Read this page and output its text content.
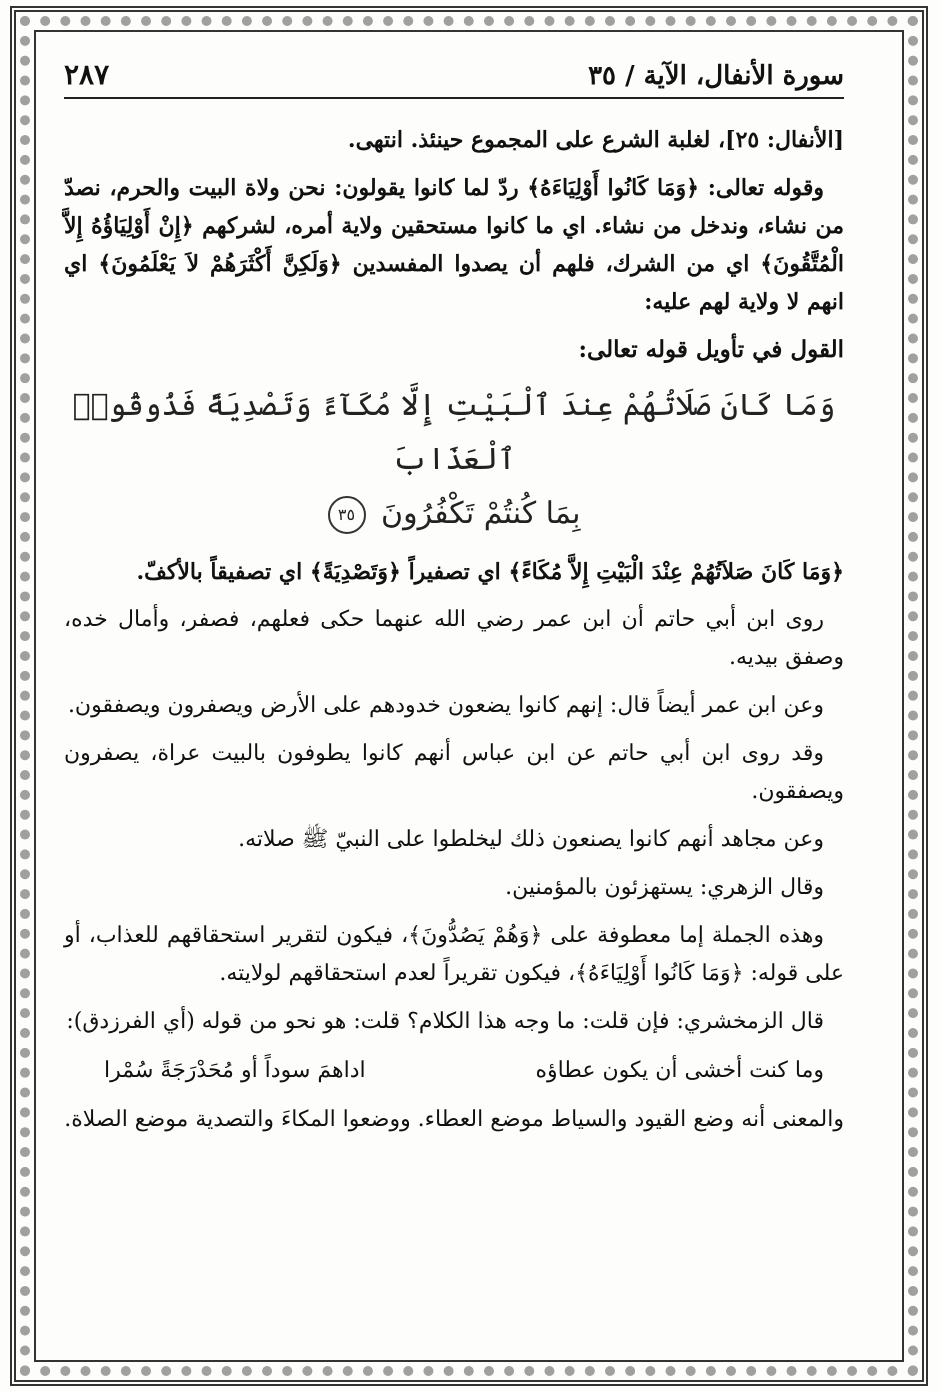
سورة الأنفال، الآية / ٣٥
٢٨٧

[الأنفال: ٢٥]، لغلبة الشرع على المجموع حينئذ. انتهى.

وقوله تعالى: ﴿وَمَا كَانُوا أَوْلِيَاءَهُ﴾ ردّ لما كانوا يقولون: نحن ولاة البيت والحرم، نصدّ من نشاء، وندخل من نشاء. اي ما كانوا مستحقين ولاية أمره، لشركهم ﴿إِنْ أَوْلِيَاؤُهُ إِلاَّ الْمُتَّقُونَ﴾ اي من الشرك، فلهم أن يصدوا المفسدين ﴿وَلَكِنَّ أَكْثَرَهُمْ لاَ يَعْلَمُونَ﴾ اي انهم لا ولاية لهم عليه:

القول في تأويل قوله تعالى:

وَمَا كَانَ صَلَاتُهُمْ عِندَ ٱلْبَيْتِ إِلَّا مُكَآءً وَتَصْدِيَةً فَذُوقُوا۟ ٱلْعَذَابَ
بِمَا كُنتُمْ تَكْفُرُونَ ٣٥

﴿وَمَا كَانَ صَلاَتُهُمْ عِنْدَ الْبَيْتِ إِلاَّ مُكَاءً﴾ اي تصفيراً ﴿وَتَصْدِيَةً﴾ اي تصفيقاً بالأكفّ.

روى ابن أبي حاتم أن ابن عمر رضي الله عنهما حكى فعلهم، فصفر، وأمال خده، وصفق بيديه.

وعن ابن عمر أيضاً قال: إنهم كانوا يضعون خدودهم على الأرض ويصفرون ويصفقون.

وقد روى ابن أبي حاتم عن ابن عباس أنهم كانوا يطوفون بالبيت عراة، يصفرون ويصفقون.

وعن مجاهد أنهم كانوا يصنعون ذلك ليخلطوا على النبيّ ﷺ صلاته.

وقال الزهري: يستهزئون بالمؤمنين.

وهذه الجملة إما معطوفة على ﴿وَهُمْ يَصُدُّونَ﴾، فيكون لتقرير استحقاقهم للعذاب، أو على قوله: ﴿وَمَا كَانُوا أَوْلِيَاءَهُ﴾، فيكون تقريراً لعدم استحقاقهم لولايته.

قال الزمخشري: فإن قلت: ما وجه هذا الكلام؟ قلت: هو نحو من قوله (أي الفرزدق):

وما كنت أخشى أن يكون عطاؤه
اداهمَ سوداً أو مُحَدْرَجَةً سُمْرا

والمعنى أنه وضع القيود والسياط موضع العطاء. ووضعوا المكاءَ والتصدية موضع الصلاة.
